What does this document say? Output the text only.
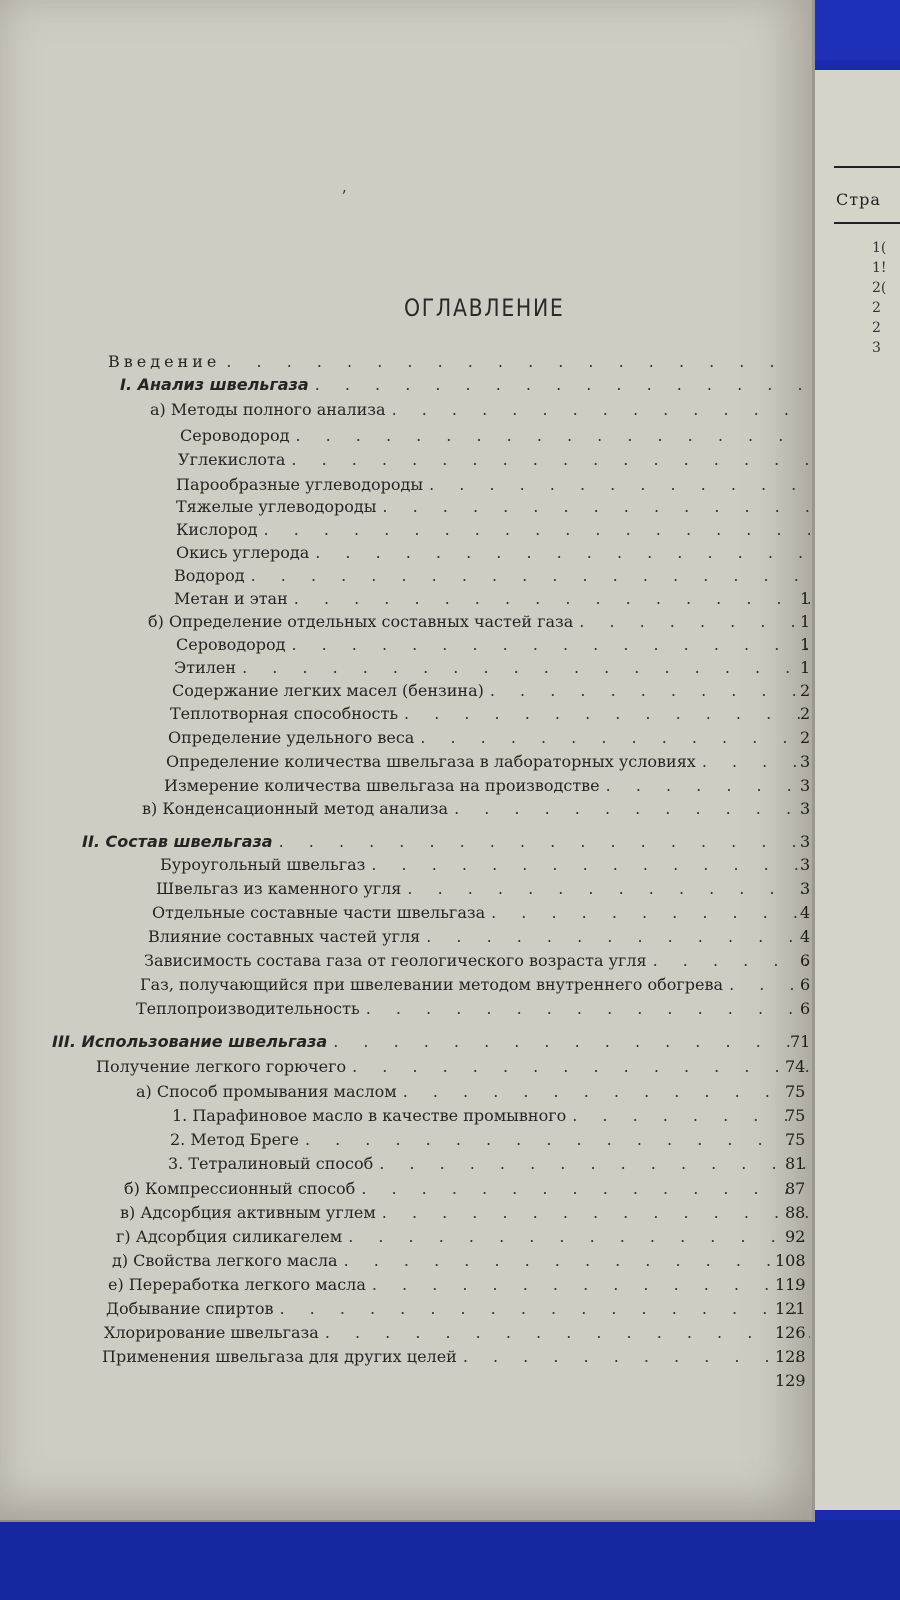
Стра
1(
1!
2(
2
2
3
ʼ
ОГЛАВЛЕНИЕ
Введение
. . .
I. Анализ швельгаза
. . .
а) Методы полного анализа
. . .
Сероводород
. . .
Углекислота
. . .
Парообразные углеводороды
. . .
Тяжелые углеводороды
. . .
Кислород
. . .
Окись углерода
. . .
Водород
. . .
Метан и этан
. . .
б) Определение отдельных составных частей газа
. . .
Сероводород
. . .
Этилен
. . .
Содержание легких масел (бензина)
. . .
Теплотворная способность
. . .
Определение удельного веса
. . .
Определение количества швельгаза в лабораторных условиях
. . .
Измерение количества швельгаза на производстве
. . .
в) Конденсационный метод анализа
. . .
II. Состав швельгаза
. . .
Буроугольный швельгаз
. . .
Швельгаз из каменного угля
. . .
Отдельные составные части швельгаза
. . .
Влияние составных частей угля
. . .
Зависимость состава газа от геологического возраста угля
. . .
Газ, получающийся при швелевании методом внутреннего обогрева
. . .
Теплопроизводительность
. . .
III. Использование швельгаза
. . .
Получение легкого горючего
. . .
а) Способ промывания маслом
. . .
1. Парафиновое масло в качестве промывного
. . .
2. Метод Бреге
. . .
3. Тетралиновый способ
. . .
б) Компрессионный способ
. . .
в) Адсорбция активным углем
. . .
г) Адсорбция силикагелем
. . .
д) Свойства легкого масла
. . .
е) Переработка легкого масла
. . .
Добывание спиртов
. . .
Хлорирование швельгаза
. . .
Применения швельгаза для других целей
. . .
1
1
1
1
2
2
2
3
3
3
3
3
3
4
4
6
6
6
71
74
75
75
75
81
87
88
92
108
119
121
126
128
129
